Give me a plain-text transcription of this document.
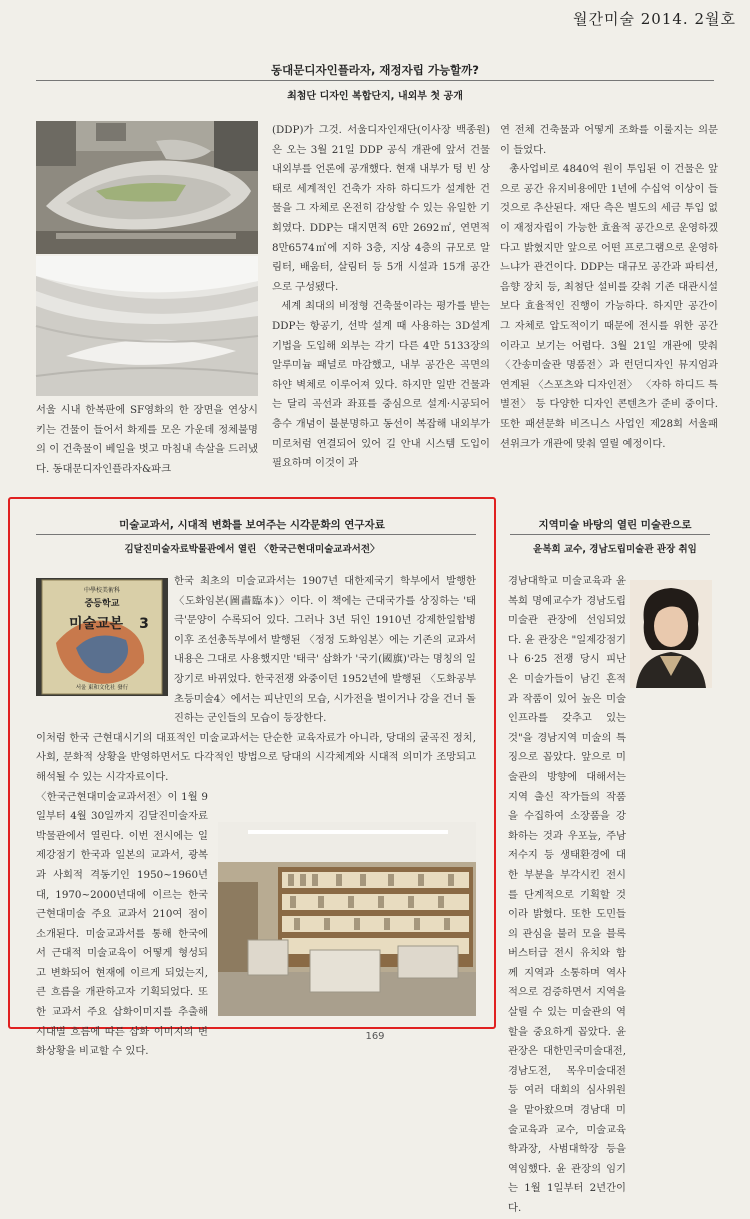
월간미술 2014. 2월호
동대문디자인플라자, 재정자립 가능할까?
최첨단 디자인 복합단지, 내외부 첫 공개

서울 시내 한복판에 SF영화의 한 장면을 연상시키는 건물이 들어서 화제를 모은 가운데 정체불명의 이 건축물이 베일을 벗고 마침내 속살을 드러냈다. 동대문디자인플라자&파크

(DDP)가 그것. 서울디자인재단(이사장 백종원)은 오는 3월 21일 DDP 공식 개관에 앞서 건물 내외부를 언론에 공개했다. 현재 내부가 텅 빈 상태로 세계적인 건축가 자하 하디드가 설계한 건물을 그 자체로 온전히 감상할 수 있는 유일한 기회였다. DDP는 대지면적 6만 2692㎡, 연면적 8만6574㎡에 지하 3층, 지상 4층의 규모로 알림터, 배움터, 살림터 등 5개 시설과 15개 공간으로 구성됐다.

세계 최대의 비정형 건축물이라는 평가를 받는 DDP는 항공기, 선박 설계 때 사용하는 3D설계기법을 도입해 외부는 각기 다른 4만 5133장의 알루미늄 패널로 마감했고, 내부 공간은 곡면의 하얀 벽체로 이루어져 있다. 하지만 일반 건물과는 달리 곡선과 좌표를 중심으로 설계·시공되어 층수 개념이 불분명하고 동선이 복잡해 내외부가 미로처럼 연결되어 있어 길 안내 시스템 도입이 필요하며 이것이 과

연 전체 건축물과 어떻게 조화를 이룰지는 의문이 들었다.

총사업비로 4840억 원이 투입된 이 건물은 앞으로 공간 유지비용에만 1년에 수십억 이상이 들 것으로 추산된다. 재단 측은 별도의 세금 투입 없이 재정자립이 가능한 효율적 공간으로 운영하겠다고 밝혔지만 앞으로 어떤 프로그램으로 운영하느냐가 관건이다. DDP는 대규모 공간과 파티션, 음향 장치 등, 최첨단 설비를 갖춰 기존 대관시설보다 효율적인 진행이 가능하다. 하지만 공간이 그 자체로 압도적이기 때문에 전시를 위한 공간이라고 보기는 어렵다. 3월 21일 개관에 맞춰 〈간송미술관 명품전〉과 런던디자인 뮤지엄과 연계된 〈스포츠와 디자인전〉 〈자하 하디드 특별전〉 등 다양한 디자인 콘텐츠가 준비 중이다. 또한 패션문화 비즈니스 사업인 제28회 서울패션위크가 개관에 맞춰 열릴 예정이다.

미술교과서, 시대적 변화를 보여주는 시각문화의 연구자료
김달진미술자료박물관에서 열린 〈한국근현대미술교과서전〉
中學校美術科
중등학교
미술교본 3
서울 東和文化社 發行

한국 최초의 미술교과서는 1907년 대한제국기 학부에서 발행한 〈도화임본(圖畵臨本)〉이다. 이 책에는 근대국가를 상징하는 '태극'문양이 수록되어 있다. 그러나 3년 뒤인 1910년 강제한일합병 이후 조선총독부에서 발행된 〈정정 도화임본〉에는 기존의 교과서 내용은 그대로 사용했지만 '태극' 삽화가 '국기(國旗)'라는 명칭의 일장기로 바뀌었다. 한국전쟁 와중이던 1952년에 발행된 〈도화공부 초등미술4〉에서는 피난민의 모습, 시가전을 벌이거나 강을 건너 돌진하는 군인들의 모습이 등장한다.

이처럼 한국 근현대시기의 대표적인 미술교과서는 단순한 교육자료가 아니라, 당대의 굴곡진 정치, 사회, 문화적 상황을 반영하면서도 다각적인 방법으로 당대의 시각체계와 시대적 의미가 조망되고 해석될 수 있는 시각자료이다.

〈한국근현대미술교과서전〉이 1월 9일부터 4월 30일까지 김달진미술자료박물관에서 열린다. 이번 전시에는 일제강점기 한국과 일본의 교과서, 광복과 사회적 격동기인 1950~1960년대, 1970~2000년대에 이르는 한국 근현대미술 주요 교과서 210여 점이 소개된다. 미술교과서를 통해 한국에서 근대적 미술교육이 어떻게 형성되고 변화되어 현재에 이르게 되었는지, 큰 흐름을 개관하고자 기획되었다. 또한 교과서 주요 삽화이미지를 추출해 시대별 흐름에 따른 삽화 이미지의 변화상황을 비교할 수 있다.

지역미술 바탕의 열린 미술관으로
윤복희 교수, 경남도립미술관 관장 취임

경남대학교 미술교육과 윤복희 명예교수가 경남도립미술관 관장에 선임되었다. 윤 관장은 "일제강점기나 6·25 전쟁 당시 피난 온 미술가들이 남긴 흔적과 작품이 있어 높은 미술 인프라를 갖추고 있는 것"을 경남지역 미술의 특징으로 꼽았다. 앞으로 미술관의 방향에 대해서는 지역 출신 작가들의 작품을 수집하여 소장품을 강화하는 것과 우포늪, 주남저수지 등 생태환경에 대한 부분을 부각시킨 전시를 단계적으로 기획할 것이라 밝혔다. 또한 도민들의 관심을 불러 모을 블록버스터급 전시 유치와 함께 지역과 소통하며 역사적으로 검증하면서 지역을 살릴 수 있는 미술관의 역할을 중요하게 꼽았다. 윤 관장은 대한민국미술대전, 경남도전, 목우미술대전 등 여러 대회의 심사위원을 맡아왔으며 경남대 미술교육과 교수, 미술교육학과장, 사범대학장 등을 역임했다. 윤 관장의 임기는 1월 1일부터 2년간이다.

169
